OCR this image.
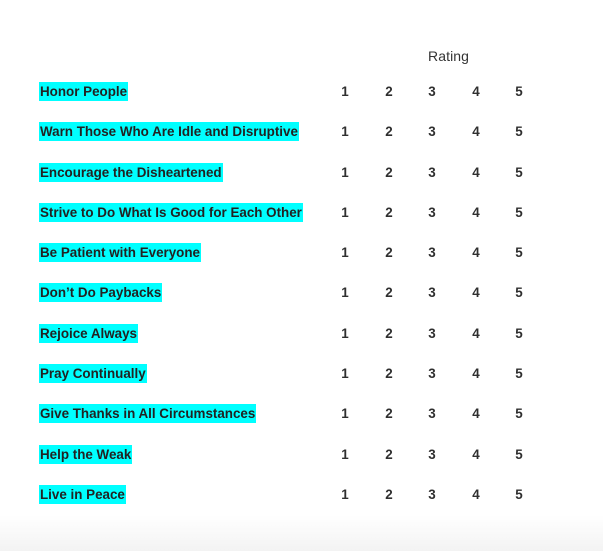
Rating
Honor People	1	2	3	4	5
Warn Those Who Are Idle and Disruptive	1	2	3	4	5
Encourage the Disheartened	1	2	3	4	5
Strive to Do What Is Good for Each Other	1	2	3	4	5
Be Patient with Everyone	1	2	3	4	5
Don’t Do Paybacks	1	2	3	4	5
Rejoice Always	1	2	3	4	5
Pray Continually	1	2	3	4	5
Give Thanks in All Circumstances	1	2	3	4	5
Help the Weak	1	2	3	4	5
Live in Peace	1	2	3	4	5
